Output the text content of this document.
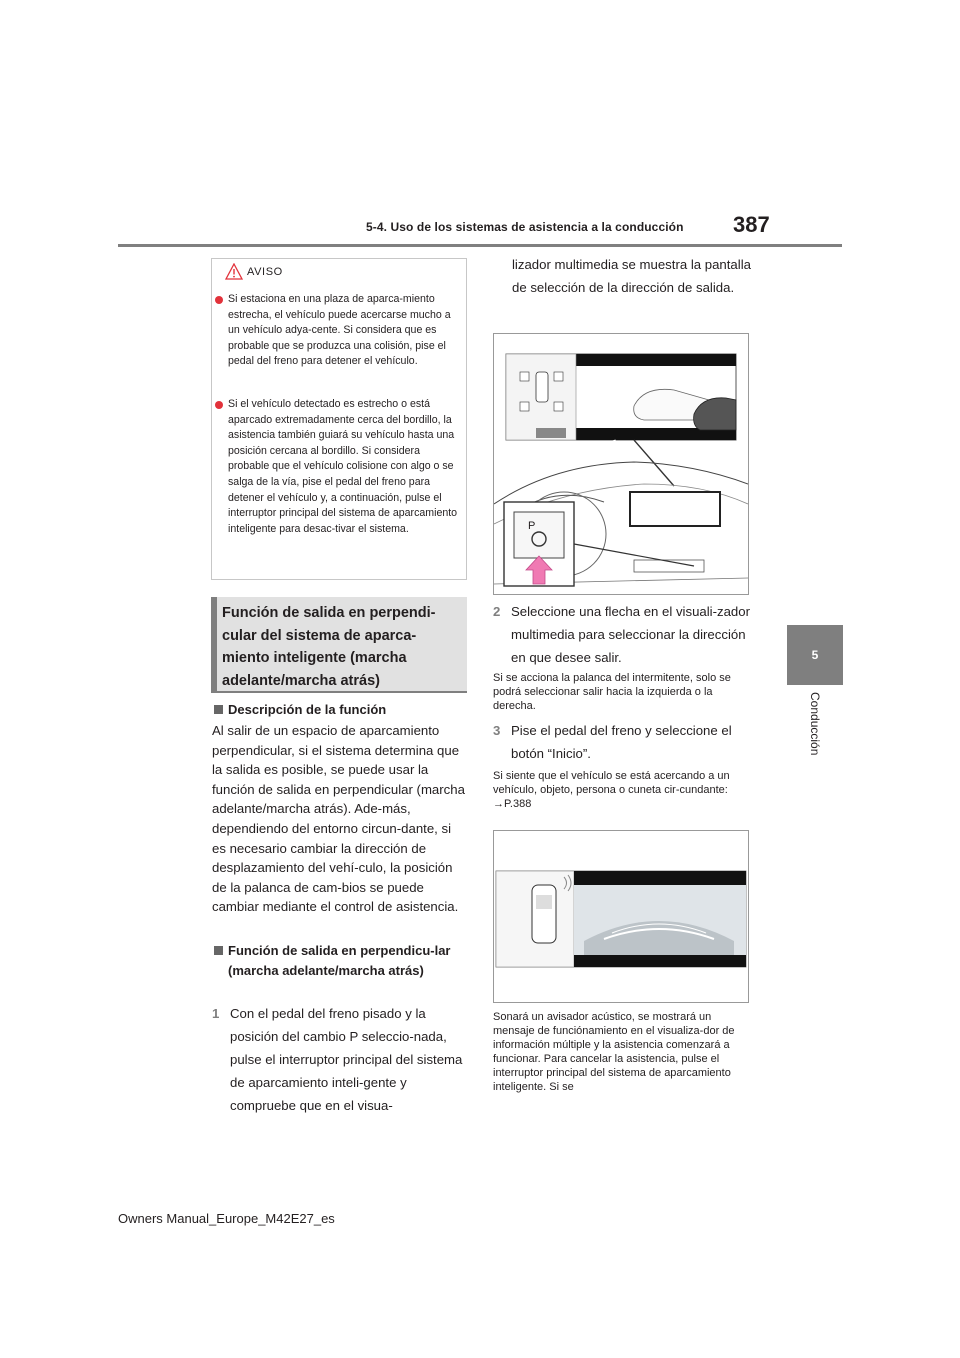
5-4. Uso de los sistemas de asistencia a la conducción 387
5
Conducción
AVISO
Si estaciona en una plaza de aparca-miento estrecha, el vehículo puede acercarse mucho a un vehículo adya-cente. Si considera que es probable que se produzca una colisión, pise el pedal del freno para detener el vehículo.
Si el vehículo detectado es estrecho o está aparcado extremadamente cerca del bordillo, la asistencia también guiará su vehículo hasta una posición cercana al bordillo. Si considera probable que el vehículo colisione con algo o se salga de la vía, pise el pedal del freno para detener el vehículo y, a continuación, pulse el interruptor principal del sistema de aparcamiento inteligente para desac-tivar el sistema.
Función de salida en perpendi-cular del sistema de aparca-miento inteligente (marcha adelante/marcha atrás)
Descripción de la función
Al salir de un espacio de aparcamiento perpendicular, si el sistema determina que la salida es posible, se puede usar la función de salida en perpendicular (marcha adelante/marcha atrás). Ade-más, dependiendo del entorno circun-dante, si es necesario cambiar la dirección de desplazamiento del vehí-culo, la posición de la palanca de cam-bios se puede cambiar mediante el control de asistencia.
Función de salida en perpendicu-lar (marcha adelante/marcha atrás)
1 Con el pedal del freno pisado y la posición del cambio P seleccio-nada, pulse el interruptor principal del sistema de aparcamiento inteli-gente y compruebe que en el visua-
lizador multimedia se muestra la pantalla de selección de la dirección de salida.
P
2 Seleccione una flecha en el visuali-zador multimedia para seleccionar la dirección en que desee salir.
Si se acciona la palanca del intermitente, solo se podrá seleccionar salir hacia la izquierda o la derecha.
3 Pise el pedal del freno y seleccione el botón “Inicio”.
Si siente que el vehículo se está acercando a un vehículo, objeto, persona o cuneta cir-cundante: →P.388
Sonará un avisador acústico, se mostrará un mensaje de función​amiento en el visualiza-dor de información múltiple y la asistencia comenzará a funcionar. Para cancelar la asistencia, pulse el interruptor principal del sistema de aparcamiento inteligente. Si se
Owners Manual_Europe_M42E27_es
